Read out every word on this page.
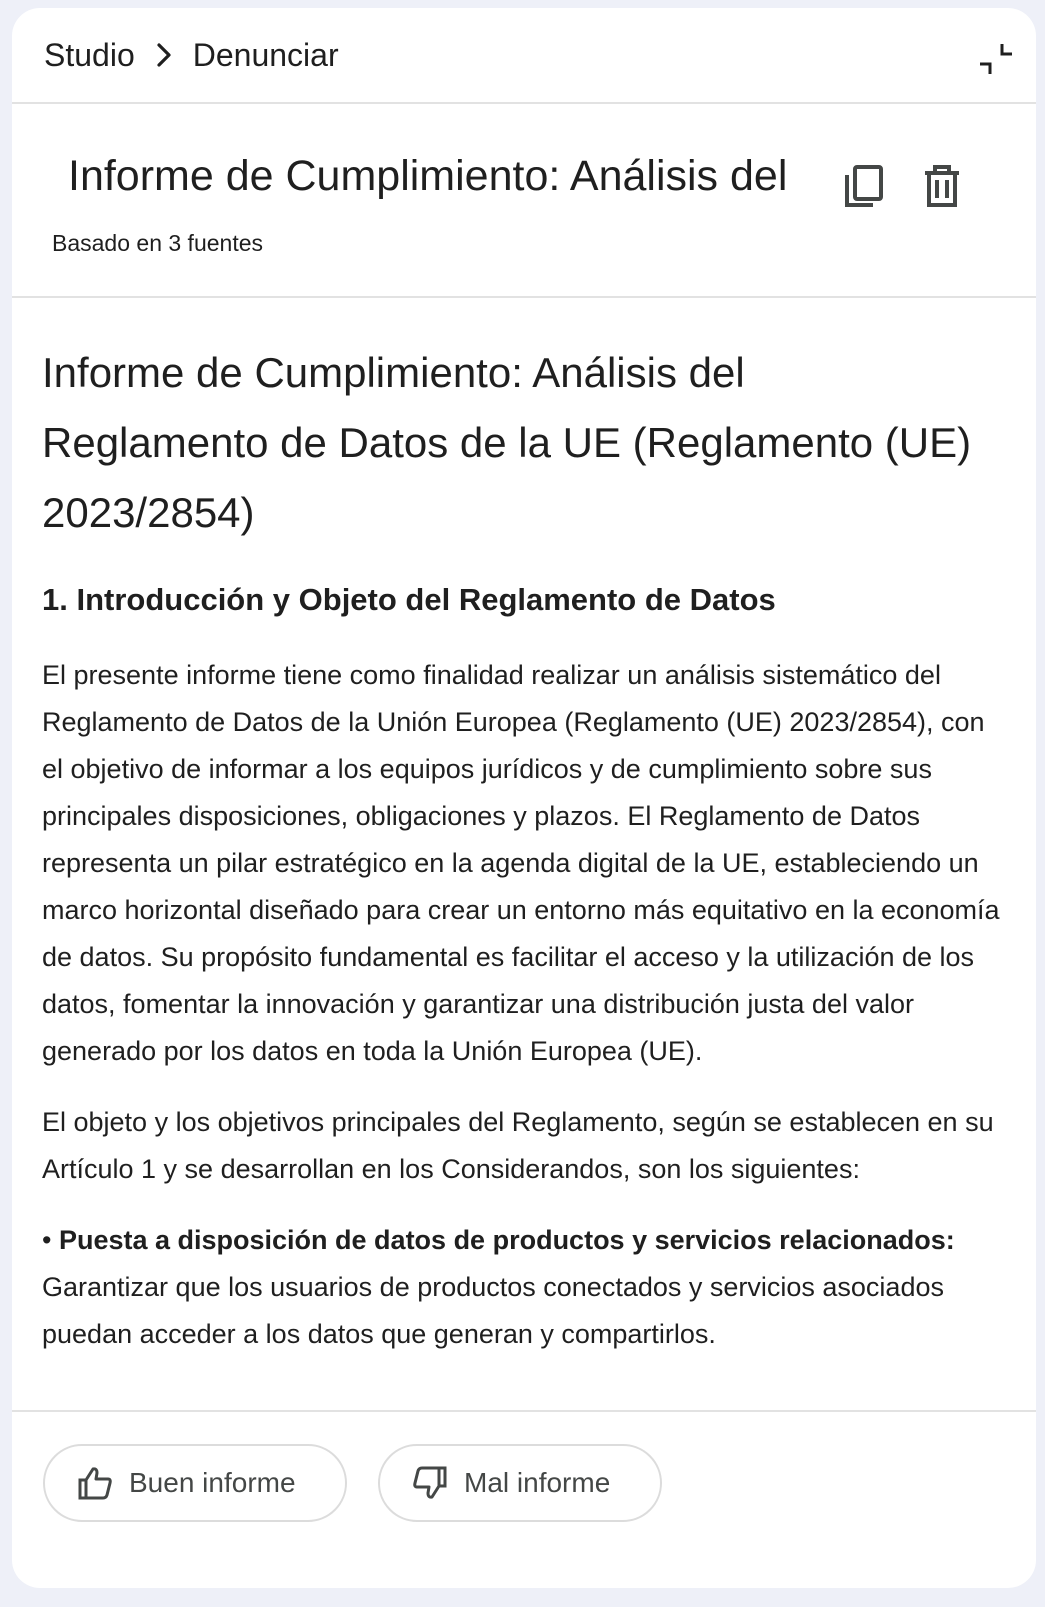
Studio Denunciar
Informe de Cumplimiento: Análisis del
Basado en 3 fuentes
Informe de Cumplimiento: Análisis del
Reglamento de Datos de la UE (Reglamento (UE)
2023/2854)
1. Introducción y Objeto del Reglamento de Datos

El presente informe tiene como finalidad realizar un análisis sistemático del Reglamento de Datos de la Unión Europea (Reglamento (UE) 2023/2854), con el objetivo de informar a los equipos jurídicos y de cumplimiento sobre sus principales disposiciones, obligaciones y plazos. El Reglamento de Datos representa un pilar estratégico en la agenda digital de la UE, estableciendo un marco horizontal diseñado para crear un entorno más equitativo en la economía de datos. Su propósito fundamental es facilitar el acceso y la utilización de los datos, fomentar la innovación y garantizar una distribución justa del valor generado por los datos en toda la Unión Europea (UE).

El objeto y los objetivos principales del Reglamento, según se establecen en su Artículo 1 y se desarrollan en los Considerandos, son los siguientes:

• Puesta a disposición de datos de productos y servicios relacionados: Garantizar que los usuarios de productos conectados y servicios asociados puedan acceder a los datos que generan y compartirlos.

Buen informe	Mal informe
